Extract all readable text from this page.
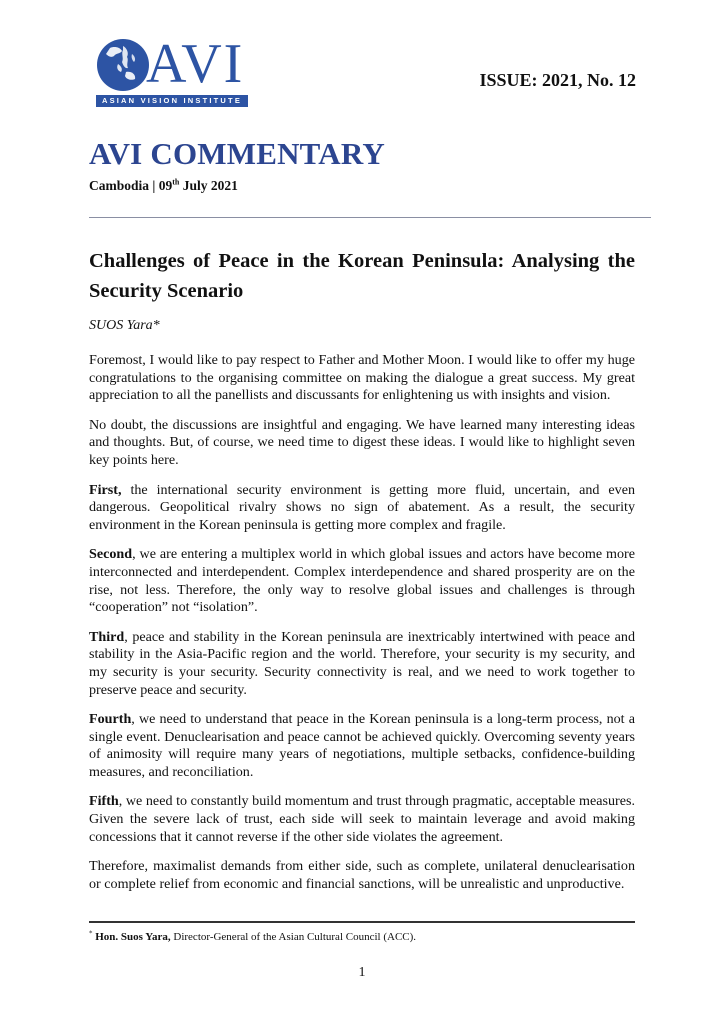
AVI
ASIAN VISION INSTITUTE
ISSUE: 2021, No. 12
AVI COMMENTARY
Cambodia | 09th July 2021
Challenges of Peace in the Korean Peninsula: Analysing the Security Scenario
SUOS Yara*

Foremost, I would like to pay respect to Father and Mother Moon. I would like to offer my huge congratulations to the organising committee on making the dialogue a great success. My great appreciation to all the panellists and discussants for enlightening us with insights and vision.

No doubt, the discussions are insightful and engaging. We have learned many interesting ideas and thoughts. But, of course, we need time to digest these ideas. I would like to highlight seven key points here.

First, the international security environment is getting more fluid, uncertain, and even dangerous. Geopolitical rivalry shows no sign of abatement. As a result, the security environment in the Korean peninsula is getting more complex and fragile.

Second, we are entering a multiplex world in which global issues and actors have become more interconnected and interdependent. Complex interdependence and shared prosperity are on the rise, not less. Therefore, the only way to resolve global issues and challenges is through “cooperation” not “isolation”.

Third, peace and stability in the Korean peninsula are inextricably intertwined with peace and stability in the Asia-Pacific region and the world. Therefore, your security is my security, and my security is your security. Security connectivity is real, and we need to work together to preserve peace and security.

Fourth, we need to understand that peace in the Korean peninsula is a long-term process, not a single event. Denuclearisation and peace cannot be achieved quickly. Overcoming seventy years of animosity will require many years of negotiations, multiple setbacks, confidence-building measures, and reconciliation.

Fifth, we need to constantly build momentum and trust through pragmatic, acceptable measures. Given the severe lack of trust, each side will seek to maintain leverage and avoid making concessions that it cannot reverse if the other side violates the agreement.

Therefore, maximalist demands from either side, such as complete, unilateral denuclearisation or complete relief from economic and financial sanctions, will be unrealistic and unproductive.

* Hon. Suos Yara, Director-General of the Asian Cultural Council (ACC).
1
